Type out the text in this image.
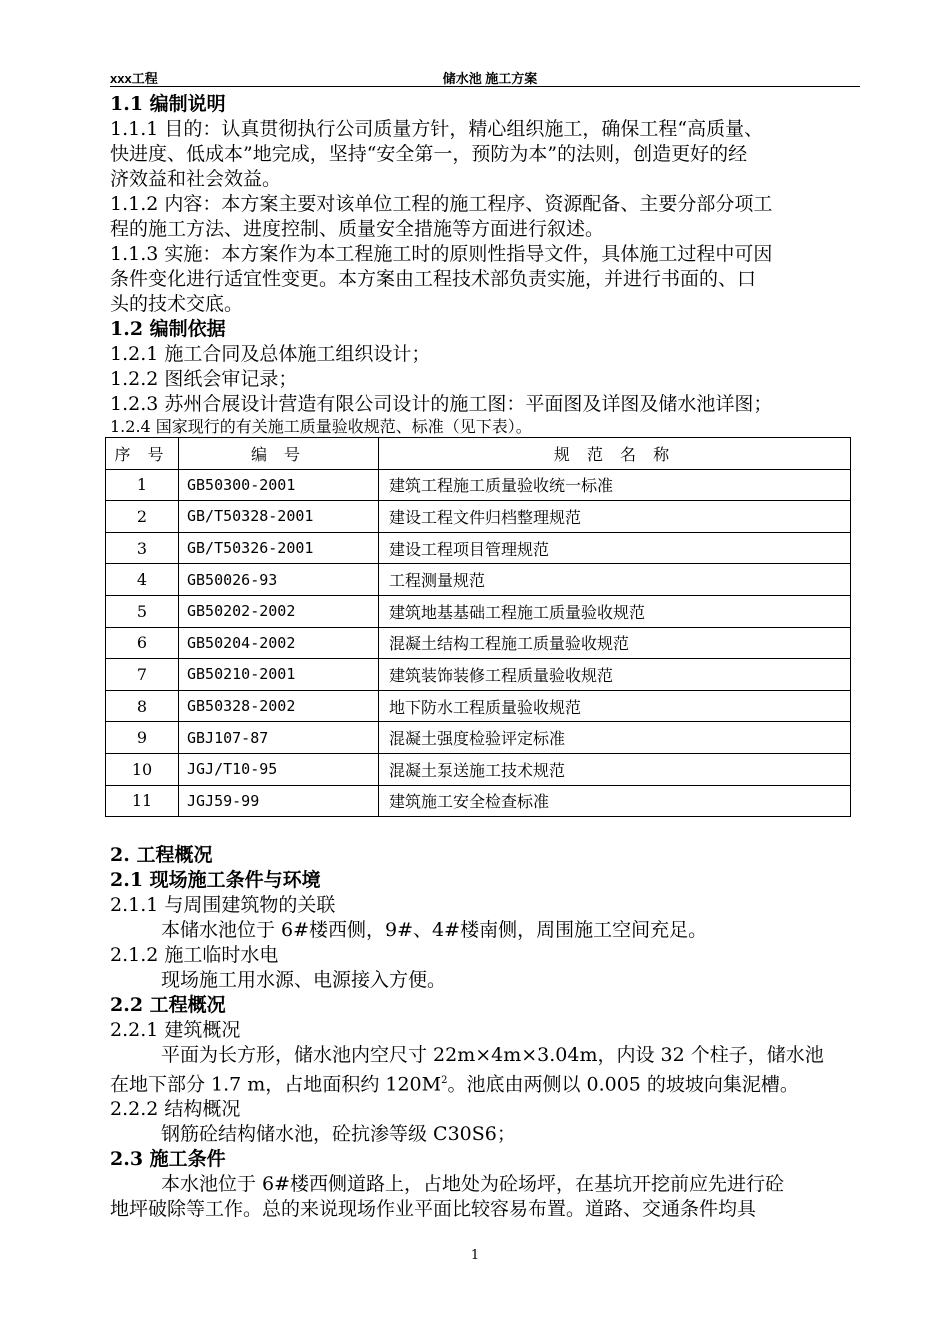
xxx工程	储水池 施工方案
1.1 编制说明
1.1.1 目的：认真贯彻执行公司质量方针，精心组织施工，确保工程“高质量、
快进度、低成本”地完成，坚持“安全第一，预防为本”的法则，创造更好的经
济效益和社会效益。
1.1.2 内容：本方案主要对该单位工程的施工程序、资源配备、主要分部分项工
程的施工方法、进度控制、质量安全措施等方面进行叙述。
1.1.3 实施：本方案作为本工程施工时的原则性指导文件，具体施工过程中可因
条件变化进行适宜性变更。本方案由工程技术部负责实施，并进行书面的、口
头的技术交底。
1.2 编制依据
1.2.1 施工合同及总体施工组织设计；
1.2.2 图纸会审记录；
1.2.3 苏州合展设计营造有限公司设计的施工图：平面图及详图及储水池详图；
1.2.4 国家现行的有关施工质量验收规范、标准（见下表）。
序 号	编 号	规 范 名 称
1	GB50300-2001	建筑工程施工质量验收统一标准
2	GB/T50328-2001	建设工程文件归档整理规范
3	GB/T50326-2001	建设工程项目管理规范
4	GB50026-93	工程测量规范
5	GB50202-2002	建筑地基基础工程施工质量验收规范
6	GB50204-2002	混凝土结构工程施工质量验收规范
7	GB50210-2001	建筑装饰装修工程质量验收规范
8	GB50328-2002	地下防水工程质量验收规范
9	GBJ107-87	混凝土强度检验评定标准
10	JGJ/T10-95	混凝土泵送施工技术规范
11	JGJ59-99	建筑施工安全检查标准
2. 工程概况
2.1 现场施工条件与环境
2.1.1 与周围建筑物的关联
本储水池位于 6#楼西侧，9#、4#楼南侧，周围施工空间充足。
2.1.2 施工临时水电
现场施工用水源、电源接入方便。
2.2 工程概况
2.2.1 建筑概况
平面为长方形，储水池内空尺寸 22m×4m×3.04m，内设 32 个柱子，储水池
在地下部分 1.7 m，占地面积约 $120M^2$。池底由两侧以 0.005 的坡坡向集泥槽。
2.2.2 结构概况
钢筋砼结构储水池，砼抗渗等级 C30S6；
2.3 施工条件
本水池位于 6#楼西侧道路上，占地处为砼场坪，在基坑开挖前应先进行砼
地坪破除等工作。总的来说现场作业平面比较容易布置。道路、交通条件均具
1
